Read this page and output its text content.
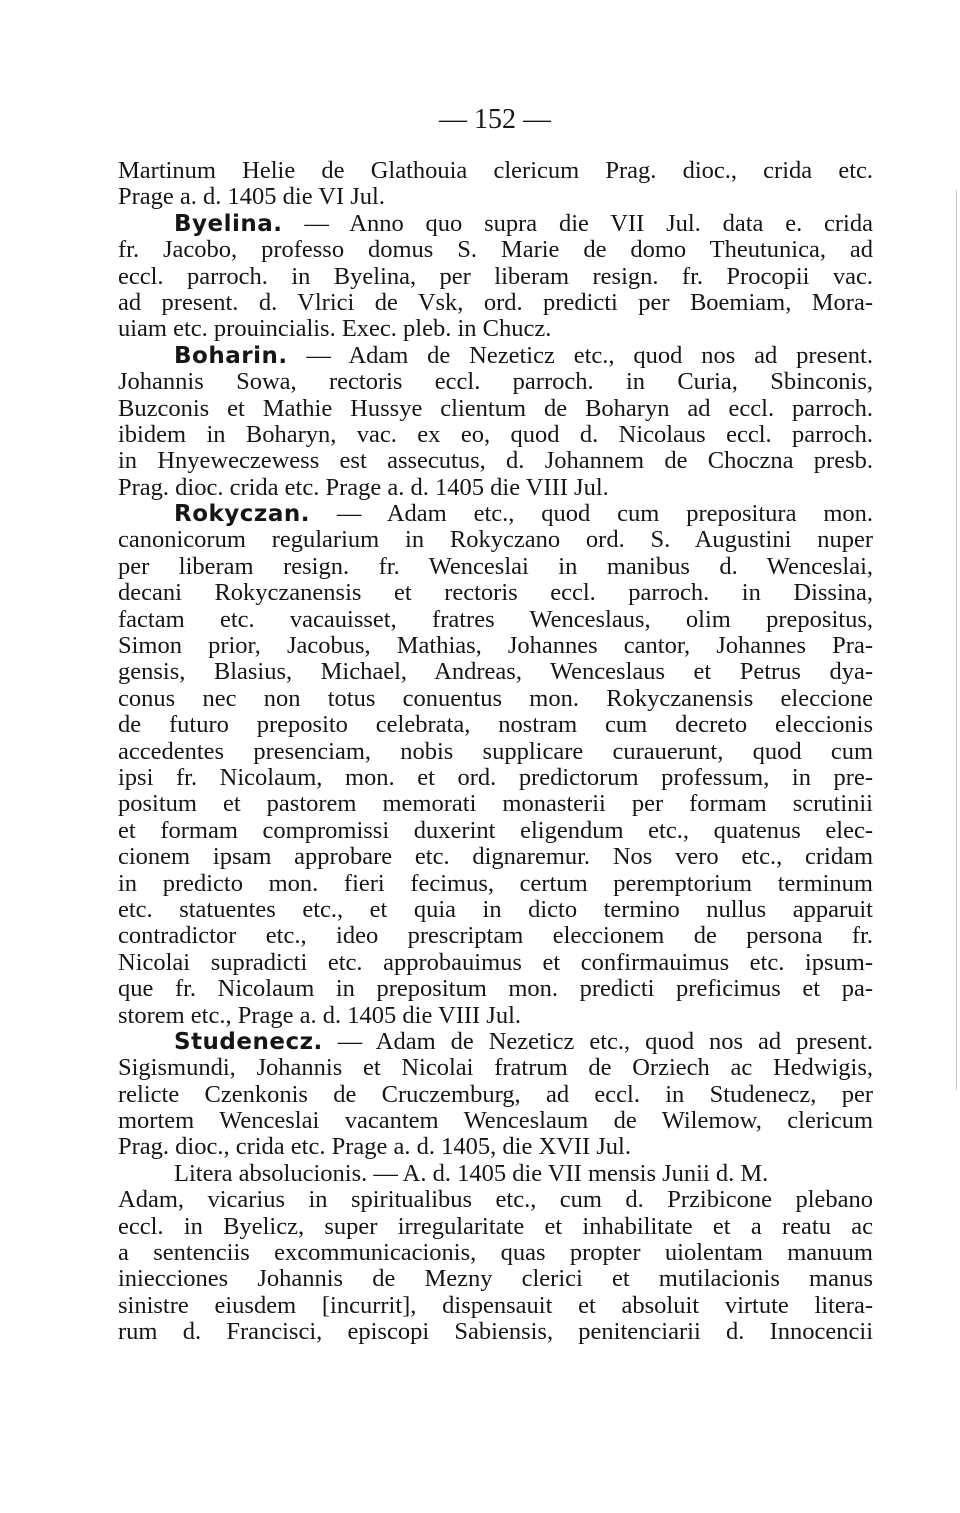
— 152 —
Martinum Helie de Glathouia clericum Prag. dioc., crida etc.
Prage a. d. 1405 die VI Jul.
Byelina. — Anno quo supra die VII Jul. data e. crida
fr. Jacobo, professo domus S. Marie de domo Theutunica, ad
eccl. parroch. in Byelina, per liberam resign. fr. Procopii vac.
ad present. d. Vlrici de Vsk, ord. predicti per Boemiam, Mora-
uiam etc. prouincialis. Exec. pleb. in Chucz.
Boharin. — Adam de Nezeticz etc., quod nos ad present.
Johannis Sowa, rectoris eccl. parroch. in Curia, Sbinconis,
Buzconis et Mathie Hussye clientum de Boharyn ad eccl. parroch.
ibidem in Boharyn, vac. ex eo, quod d. Nicolaus eccl. parroch.
in Hnyeweczewess est assecutus, d. Johannem de Choczna presb.
Prag. dioc. crida etc. Prage a. d. 1405 die VIII Jul.
Rokyczan. — Adam etc., quod cum prepositura mon.
canonicorum regularium in Rokyczano ord. S. Augustini nuper
per liberam resign. fr. Wenceslai in manibus d. Wenceslai,
decani Rokyczanensis et rectoris eccl. parroch. in Dissina,
factam etc. vacauisset, fratres Wenceslaus, olim prepositus,
Simon prior, Jacobus, Mathias, Johannes cantor, Johannes Pra-
gensis, Blasius, Michael, Andreas, Wenceslaus et Petrus dya-
conus nec non totus conuentus mon. Rokyczanensis eleccione
de futuro preposito celebrata, nostram cum decreto eleccionis
accedentes presenciam, nobis supplicare curauerunt, quod cum
ipsi fr. Nicolaum, mon. et ord. predictorum professum, in pre-
positum et pastorem memorati monasterii per formam scrutinii
et formam compromissi duxerint eligendum etc., quatenus elec-
cionem ipsam approbare etc. dignaremur. Nos vero etc., cridam
in predicto mon. fieri fecimus, certum peremptorium terminum
etc. statuentes etc., et quia in dicto termino nullus apparuit
contradictor etc., ideo prescriptam eleccionem de persona fr.
Nicolai supradicti etc. approbauimus et confirmauimus etc. ipsum-
que fr. Nicolaum in prepositum mon. predicti preficimus et pa-
storem etc., Prage a. d. 1405 die VIII Jul.
Studenecz. — Adam de Nezeticz etc., quod nos ad present.
Sigismundi, Johannis et Nicolai fratrum de Orziech ac Hedwigis,
relicte Czenkonis de Cruczemburg, ad eccl. in Studenecz, per
mortem Wenceslai vacantem Wenceslaum de Wilemow, clericum
Prag. dioc., crida etc. Prage a. d. 1405, die XVII Jul.
Litera absolucionis. — A. d. 1405 die VII mensis Junii d. M.
Adam, vicarius in spiritualibus etc., cum d. Przibicone plebano
eccl. in Byelicz, super irregularitate et inhabilitate et a reatu ac
a sentenciis excommunicacionis, quas propter uiolentam manuum
iniecciones Johannis de Mezny clerici et mutilacionis manus
sinistre eiusdem [incurrit], dispensauit et absoluit virtute litera-
rum d. Francisci, episcopi Sabiensis, penitenciarii d. Innocencii
